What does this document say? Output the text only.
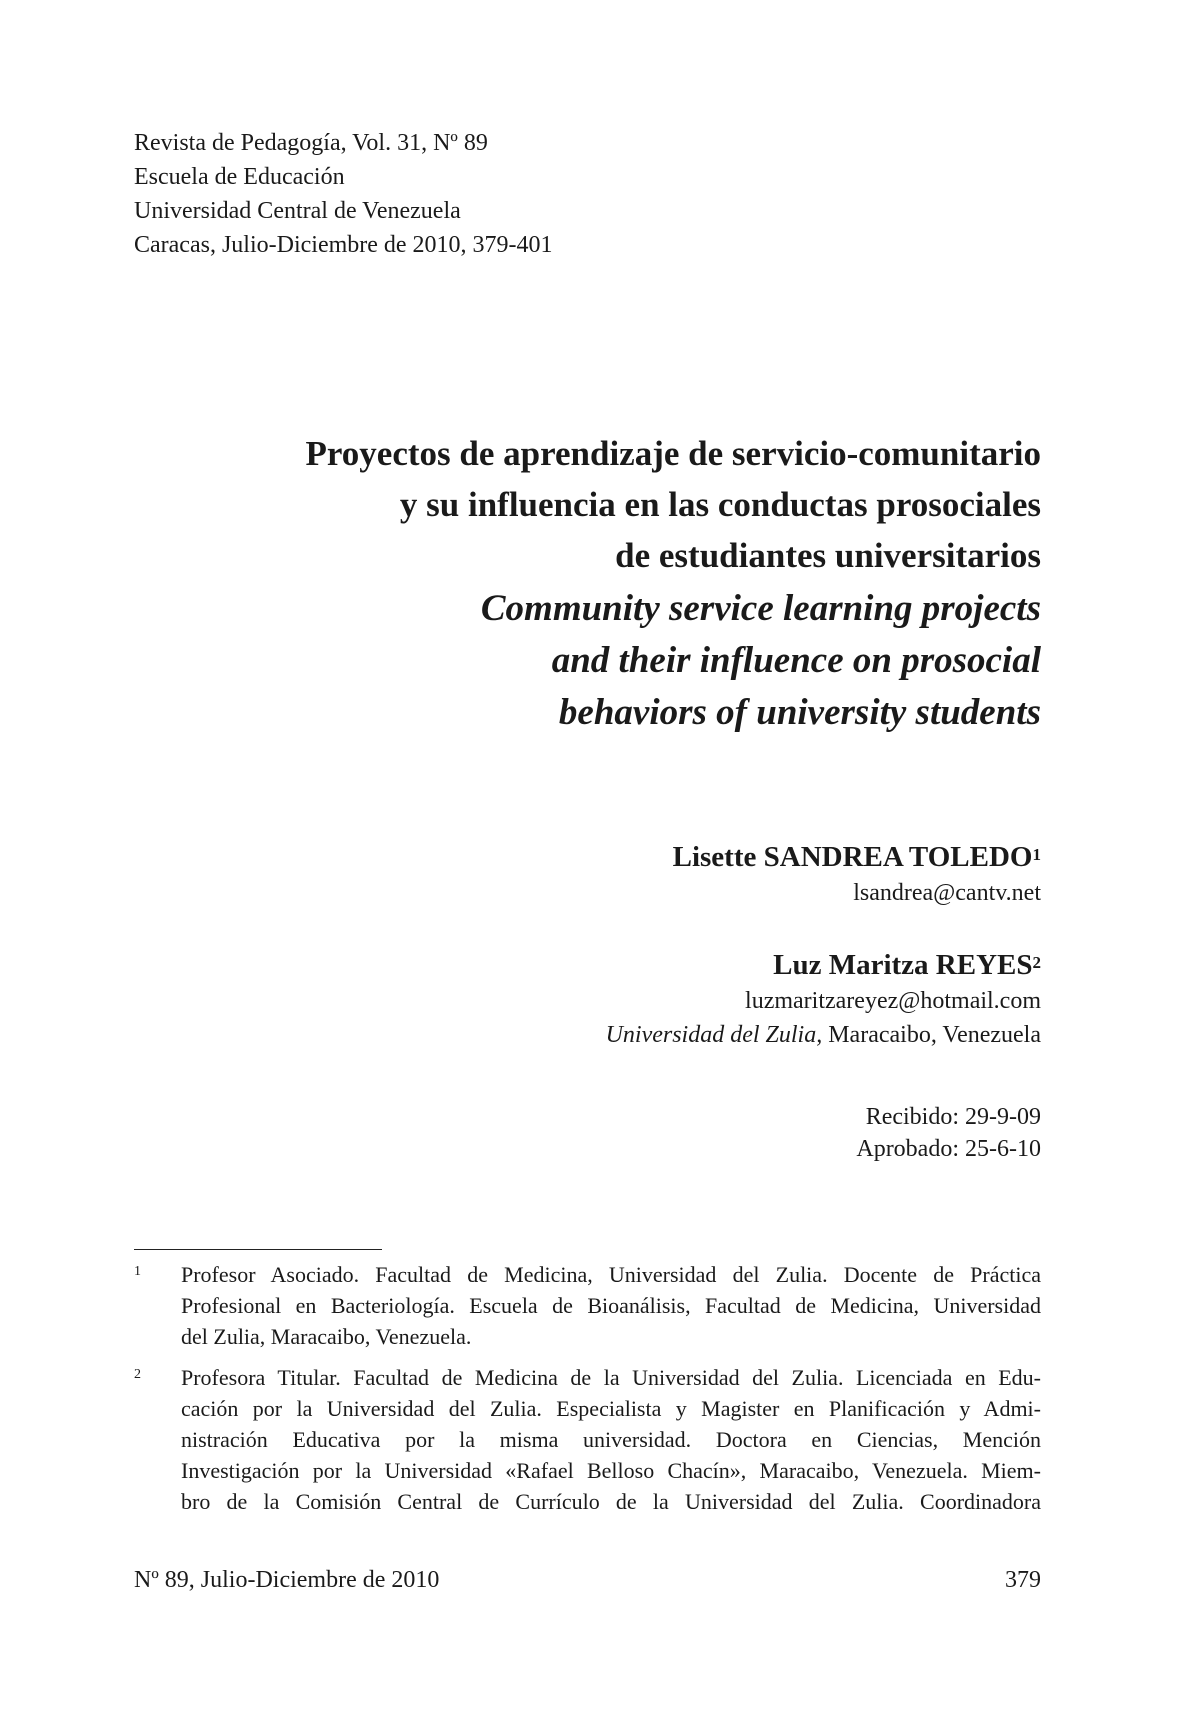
Revista de Pedagogía, Vol. 31, Nº 89
Escuela de Educación
Universidad Central de Venezuela
Caracas, Julio-Diciembre de 2010, 379-401
Proyectos de aprendizaje de servicio-comunitario
y su influencia en las conductas prosociales
de estudiantes universitarios
Community service learning projects
and their influence on prosocial
behaviors of university students
Lisette SANDREA TOLEDO$^1$
lsandrea@cantv.net
Luz Maritza REYES$^2$
luzmaritzareyez@hotmail.com
Universidad del Zulia, Maracaibo, Venezuela
Recibido: 29-9-09
Aprobado: 25-6-10
1	Profesor Asociado. Facultad de Medicina, Universidad del Zulia. Docente de Práctica
Profesional en Bacteriología. Escuela de Bioanálisis, Facultad de Medicina, Universidad
del Zulia, Maracaibo, Venezuela.
2	Profesora Titular. Facultad de Medicina de la Universidad del Zulia. Licenciada en Edu-
cación por la Universidad del Zulia. Especialista y Magister en Planificación y Admi-
nistración Educativa por la misma universidad. Doctora en Ciencias, Mención
Investigación por la Universidad «Rafael Belloso Chacín», Maracaibo, Venezuela. Miem-
bro de la Comisión Central de Currículo de la Universidad del Zulia. Coordinadora
Nº 89, Julio-Diciembre de 2010	379
